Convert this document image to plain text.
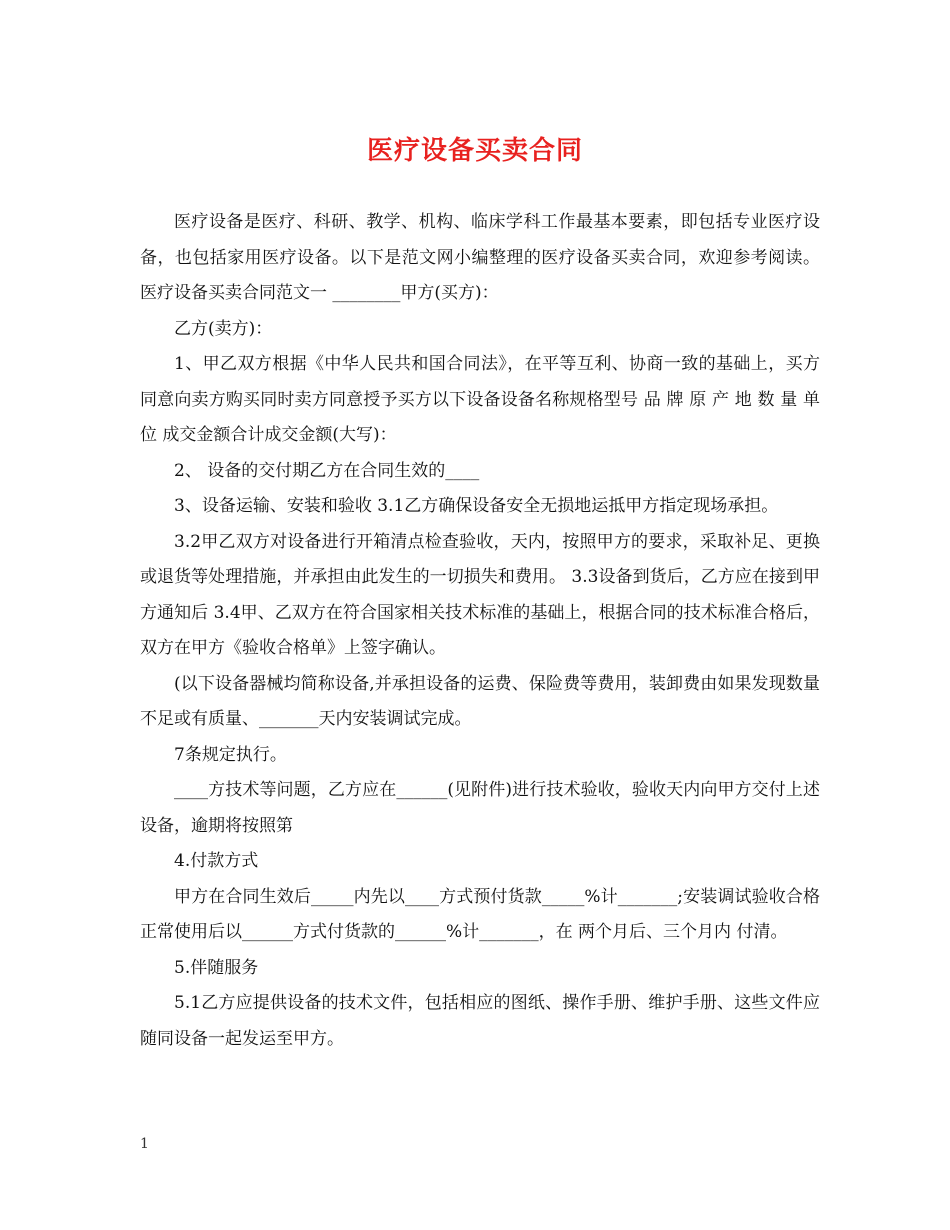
医疗设备买卖合同

医疗设备是医疗、科研、教学、机构、临床学科工作最基本要素，即包括专业医疗设备，也包括家用医疗设备。以下是范文网小编整理的医疗设备买卖合同，欢迎参考阅读。 医疗设备买卖合同范文一 ________甲方(买方)：

乙方(卖方)：

1、甲乙双方根据《中华人民共和国合同法》，在平等互利、协商一致的基础上，买方同意向卖方购买同时卖方同意授予买方以下设备设备名称规格型号 品 牌 原 产 地 数 量 单 位 成交金额合计成交金额(大写)：

2、 设备的交付期乙方在合同生效的____

3、设备运输、安装和验收 3.1乙方确保设备安全无损地运抵甲方指定现场承担。

3.2甲乙双方对设备进行开箱清点检查验收，天内，按照甲方的要求，采取补足、更换或退货等处理措施，并承担由此发生的一切损失和费用。 3.3设备到货后，乙方应在接到甲方通知后 3.4甲、乙双方在符合国家相关技术标准的基础上，根据合同的技术标准合格后，双方在甲方《验收合格单》上签字确认。

(以下设备器械均简称设备,并承担设备的运费、保险费等费用，装卸费由如果发现数量不足或有质量、_______天内安装调试完成。

7条规定执行。

____方技术等问题，乙方应在______(见附件)进行技术验收，验收天内向甲方交付上述设备，逾期将按照第

4.付款方式

甲方在合同生效后_____内先以____方式预付货款_____%计_______;安装调试验收合格正常使用后以______方式付货款的______%计_______，在 两个月后、三个月内 付清。

5.伴随服务

5.1乙方应提供设备的技术文件，包括相应的图纸、操作手册、维护手册、这些文件应随同设备一起发运至甲方。

1
